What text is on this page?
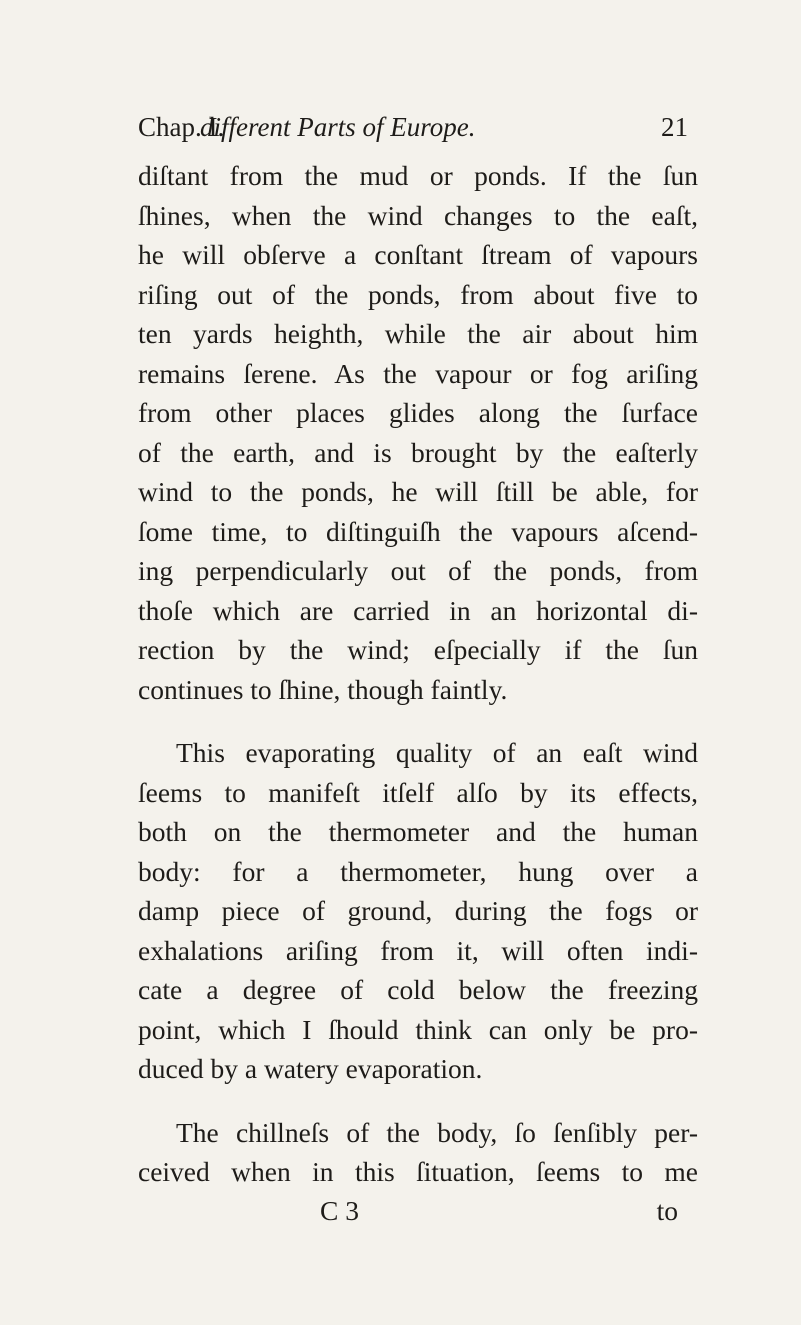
Chap. I.
different Parts of Europe.	21
diſtant from the mud or ponds. If the ſun
ſhines, when the wind changes to the eaſt,
he will obſerve a conſtant ſtream of vapours
riſing out of the ponds, from about five to
ten yards heighth, while the air about him
remains ſerene. As the vapour or fog ariſing
from other places glides along the ſurface
of the earth, and is brought by the eaſterly
wind to the ponds, he will ſtill be able, for
ſome time, to diſtinguiſh the vapours aſcend-
ing perpendicularly out of the ponds, from
thoſe which are carried in an horizontal di-
rection by the wind; eſpecially if the ſun
continues to ſhine, though faintly.
This evaporating quality of an eaſt wind
ſeems to manifeſt itſelf alſo by its effects,
both on the thermometer and the human
body: for a thermometer, hung over a
damp piece of ground, during the fogs or
exhalations ariſing from it, will often indi-
cate a degree of cold below the freezing
point, which I ſhould think can only be pro-
duced by a watery evaporation.
The chillneſs of the body, ſo ſenſibly per-
ceived when in this ſituation, ſeems to me
C 3	to
